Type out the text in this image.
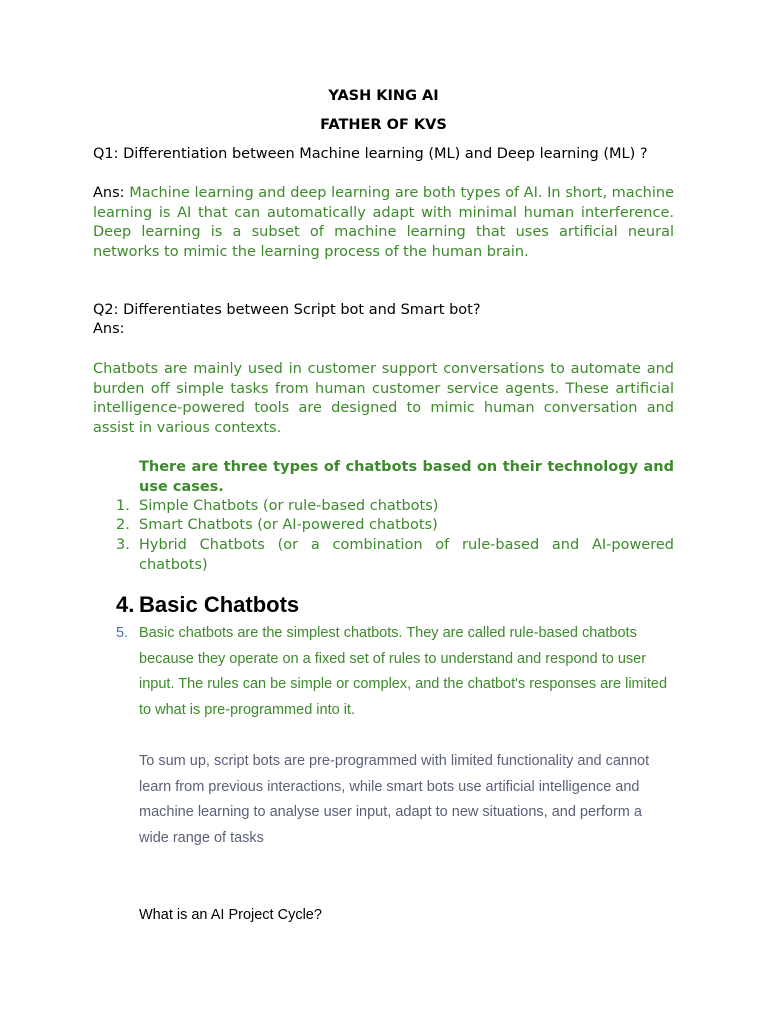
YASH KING AI
FATHER OF KVS
Q1: Differentiation between Machine learning (ML) and Deep learning (ML) ?
Ans: Machine learning and deep learning are both types of AI. In short, machine learning is AI that can automatically adapt with minimal human interference. Deep learning is a subset of machine learning that uses artificial neural networks to mimic the learning process of the human brain.
Q2: Differentiates between Script bot and Smart bot?
Ans:
Chatbots are mainly used in customer support conversations to automate and burden off simple tasks from human customer service agents. These artificial intelligence-powered tools are designed to mimic human conversation and assist in various contexts.
There are three types of chatbots based on their technology and use cases.
1. Simple Chatbots (or rule-based chatbots)
2. Smart Chatbots (or AI-powered chatbots)
3. Hybrid Chatbots (or a combination of rule-based and AI-powered chatbots)
4. Basic Chatbots
5. Basic chatbots are the simplest chatbots. They are called rule-based chatbots because they operate on a fixed set of rules to understand and respond to user input. The rules can be simple or complex, and the chatbot's responses are limited to what is pre-programmed into it.
To sum up, script bots are pre-programmed with limited functionality and cannot learn from previous interactions, while smart bots use artificial intelligence and machine learning to analyse user input, adapt to new situations, and perform a wide range of tasks
What is an AI Project Cycle?
